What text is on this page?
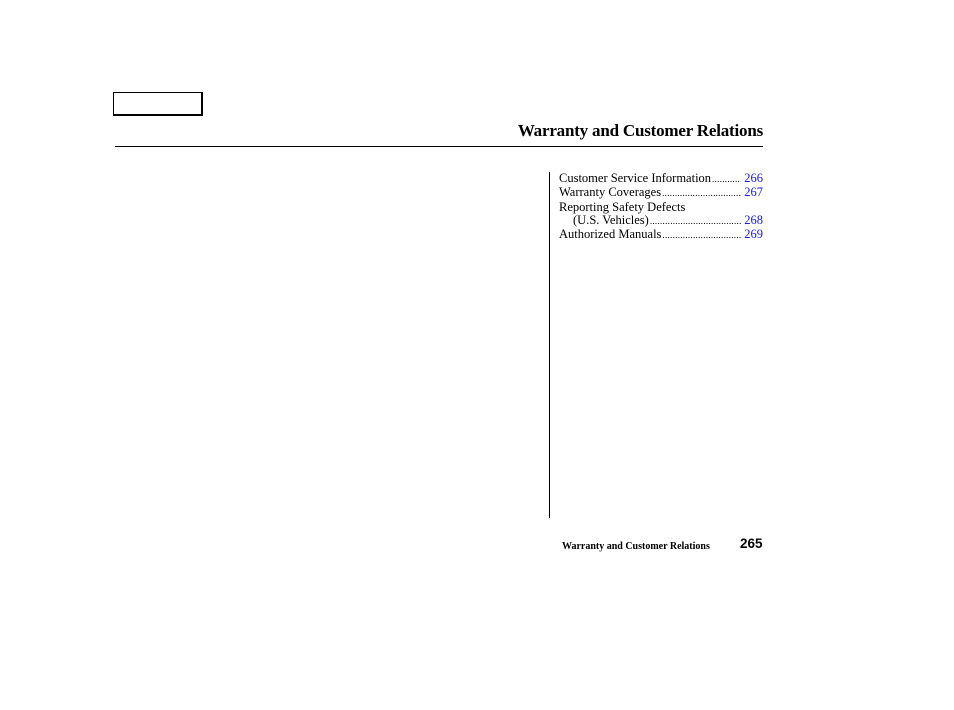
Warranty and Customer Relations
Customer Service Information .....	266
Warranty Coverages .....	267
Reporting Safety Defects
(U.S. Vehicles) .....	268
Authorized Manuals .....	269
Warranty and Customer Relations 265
